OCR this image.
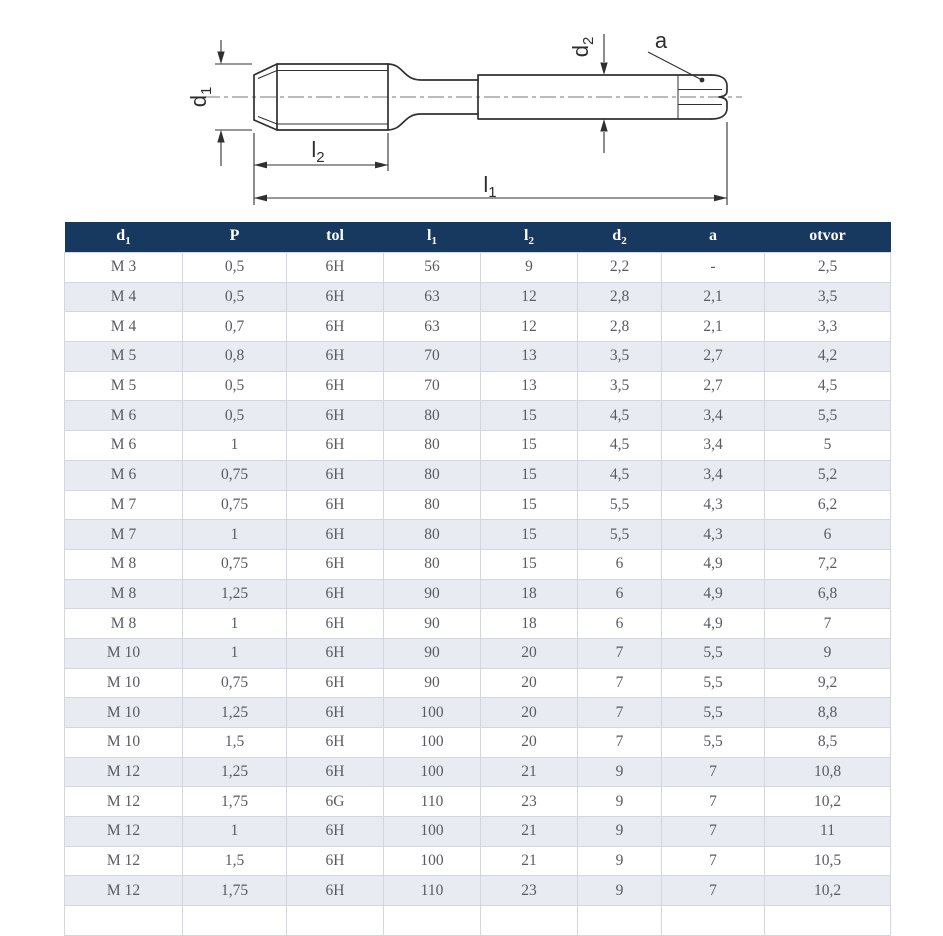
$d_1$
$d_2$	a
$l_2$
$l_1$
$d_1$	P	tol	$l_1$	$l_2$	$d_2$	a	otvor
M 3	0,5	6H	56	9	2,2	-	2,5
M 4	0,5	6H	63	12	2,8	2,1	3,5
M 4	0,7	6H	63	12	2,8	2,1	3,3
M 5	0,8	6H	70	13	3,5	2,7	4,2
M 5	0,5	6H	70	13	3,5	2,7	4,5
M 6	0,5	6H	80	15	4,5	3,4	5,5
M 6	1	6H	80	15	4,5	3,4	5
M 6	0,75	6H	80	15	4,5	3,4	5,2
M 7	0,75	6H	80	15	5,5	4,3	6,2
M 7	1	6H	80	15	5,5	4,3	6
M 8	0,75	6H	80	15	6	4,9	7,2
M 8	1,25	6H	90	18	6	4,9	6,8
M 8	1	6H	90	18	6	4,9	7
M 10	1	6H	90	20	7	5,5	9
M 10	0,75	6H	90	20	7	5,5	9,2
M 10	1,25	6H	100	20	7	5,5	8,8
M 10	1,5	6H	100	20	7	5,5	8,5
M 12	1,25	6H	100	21	9	7	10,8
M 12	1,75	6G	110	23	9	7	10,2
M 12	1	6H	100	21	9	7	11
M 12	1,5	6H	100	21	9	7	10,5
M 12	1,75	6H	110	23	9	7	10,2
